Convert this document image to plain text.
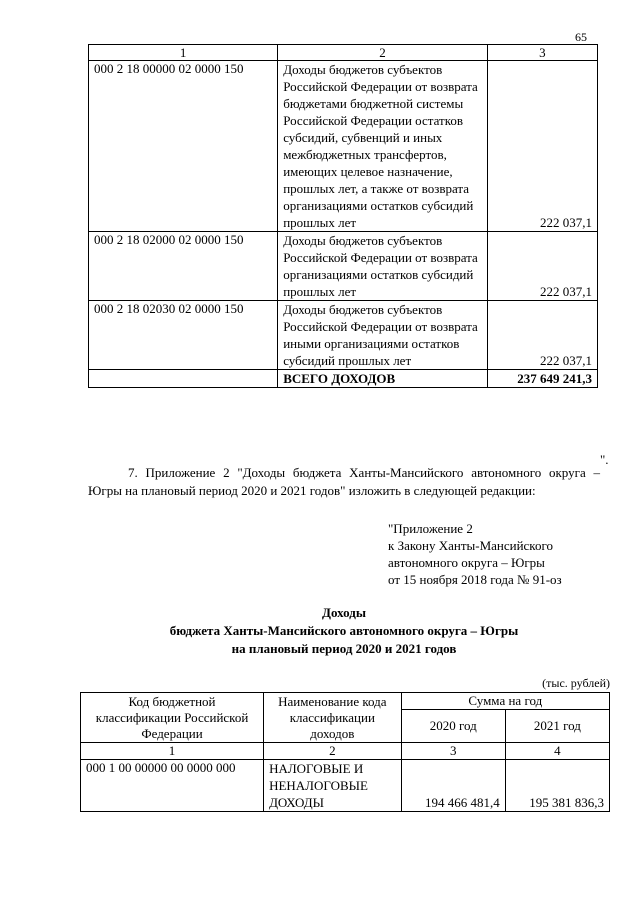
65
1	2	3
000 2 18 00000 02 0000 150	Доходы бюджетов субъектов Российской Федерации от возврата бюджетами бюджетной системы Российской Федерации остатков субсидий, субвенций и иных межбюджетных трансфертов, имеющих целевое назначение, прошлых лет, а также от возврата организациями остатков субсидий прошлых лет	222 037,1
000 2 18 02000 02 0000 150	Доходы бюджетов субъектов Российской Федерации от возврата организациями остатков субсидий прошлых лет	222 037,1
000 2 18 02030 02 0000 150	Доходы бюджетов субъектов Российской Федерации от возврата иными организациями остатков субсидий прошлых лет	222 037,1
	ВСЕГО ДОХОДОВ	237 649 241,3
".

7. Приложение 2 "Доходы бюджета Ханты-Мансийского автономного округа – Югры на плановый период 2020 и 2021 годов" изложить в следующей редакции:

"Приложение 2
к Закону Ханты-Мансийского
автономного округа – Югры
от 15 ноября 2018 года № 91-оз
Доходы
бюджета Ханты-Мансийского автономного округа – Югры
на плановый период 2020 и 2021 годов
(тыс. рублей)
Код бюджетной классификации Российской Федерации	Наименование кода классификации доходов	Сумма на год	
		2020 год	2021 год
1	2	3	4
000 1 00 00000 00 0000 000	НАЛОГОВЫЕ И НЕНАЛОГОВЫЕ ДОХОДЫ	194 466 481,4	195 381 836,3
